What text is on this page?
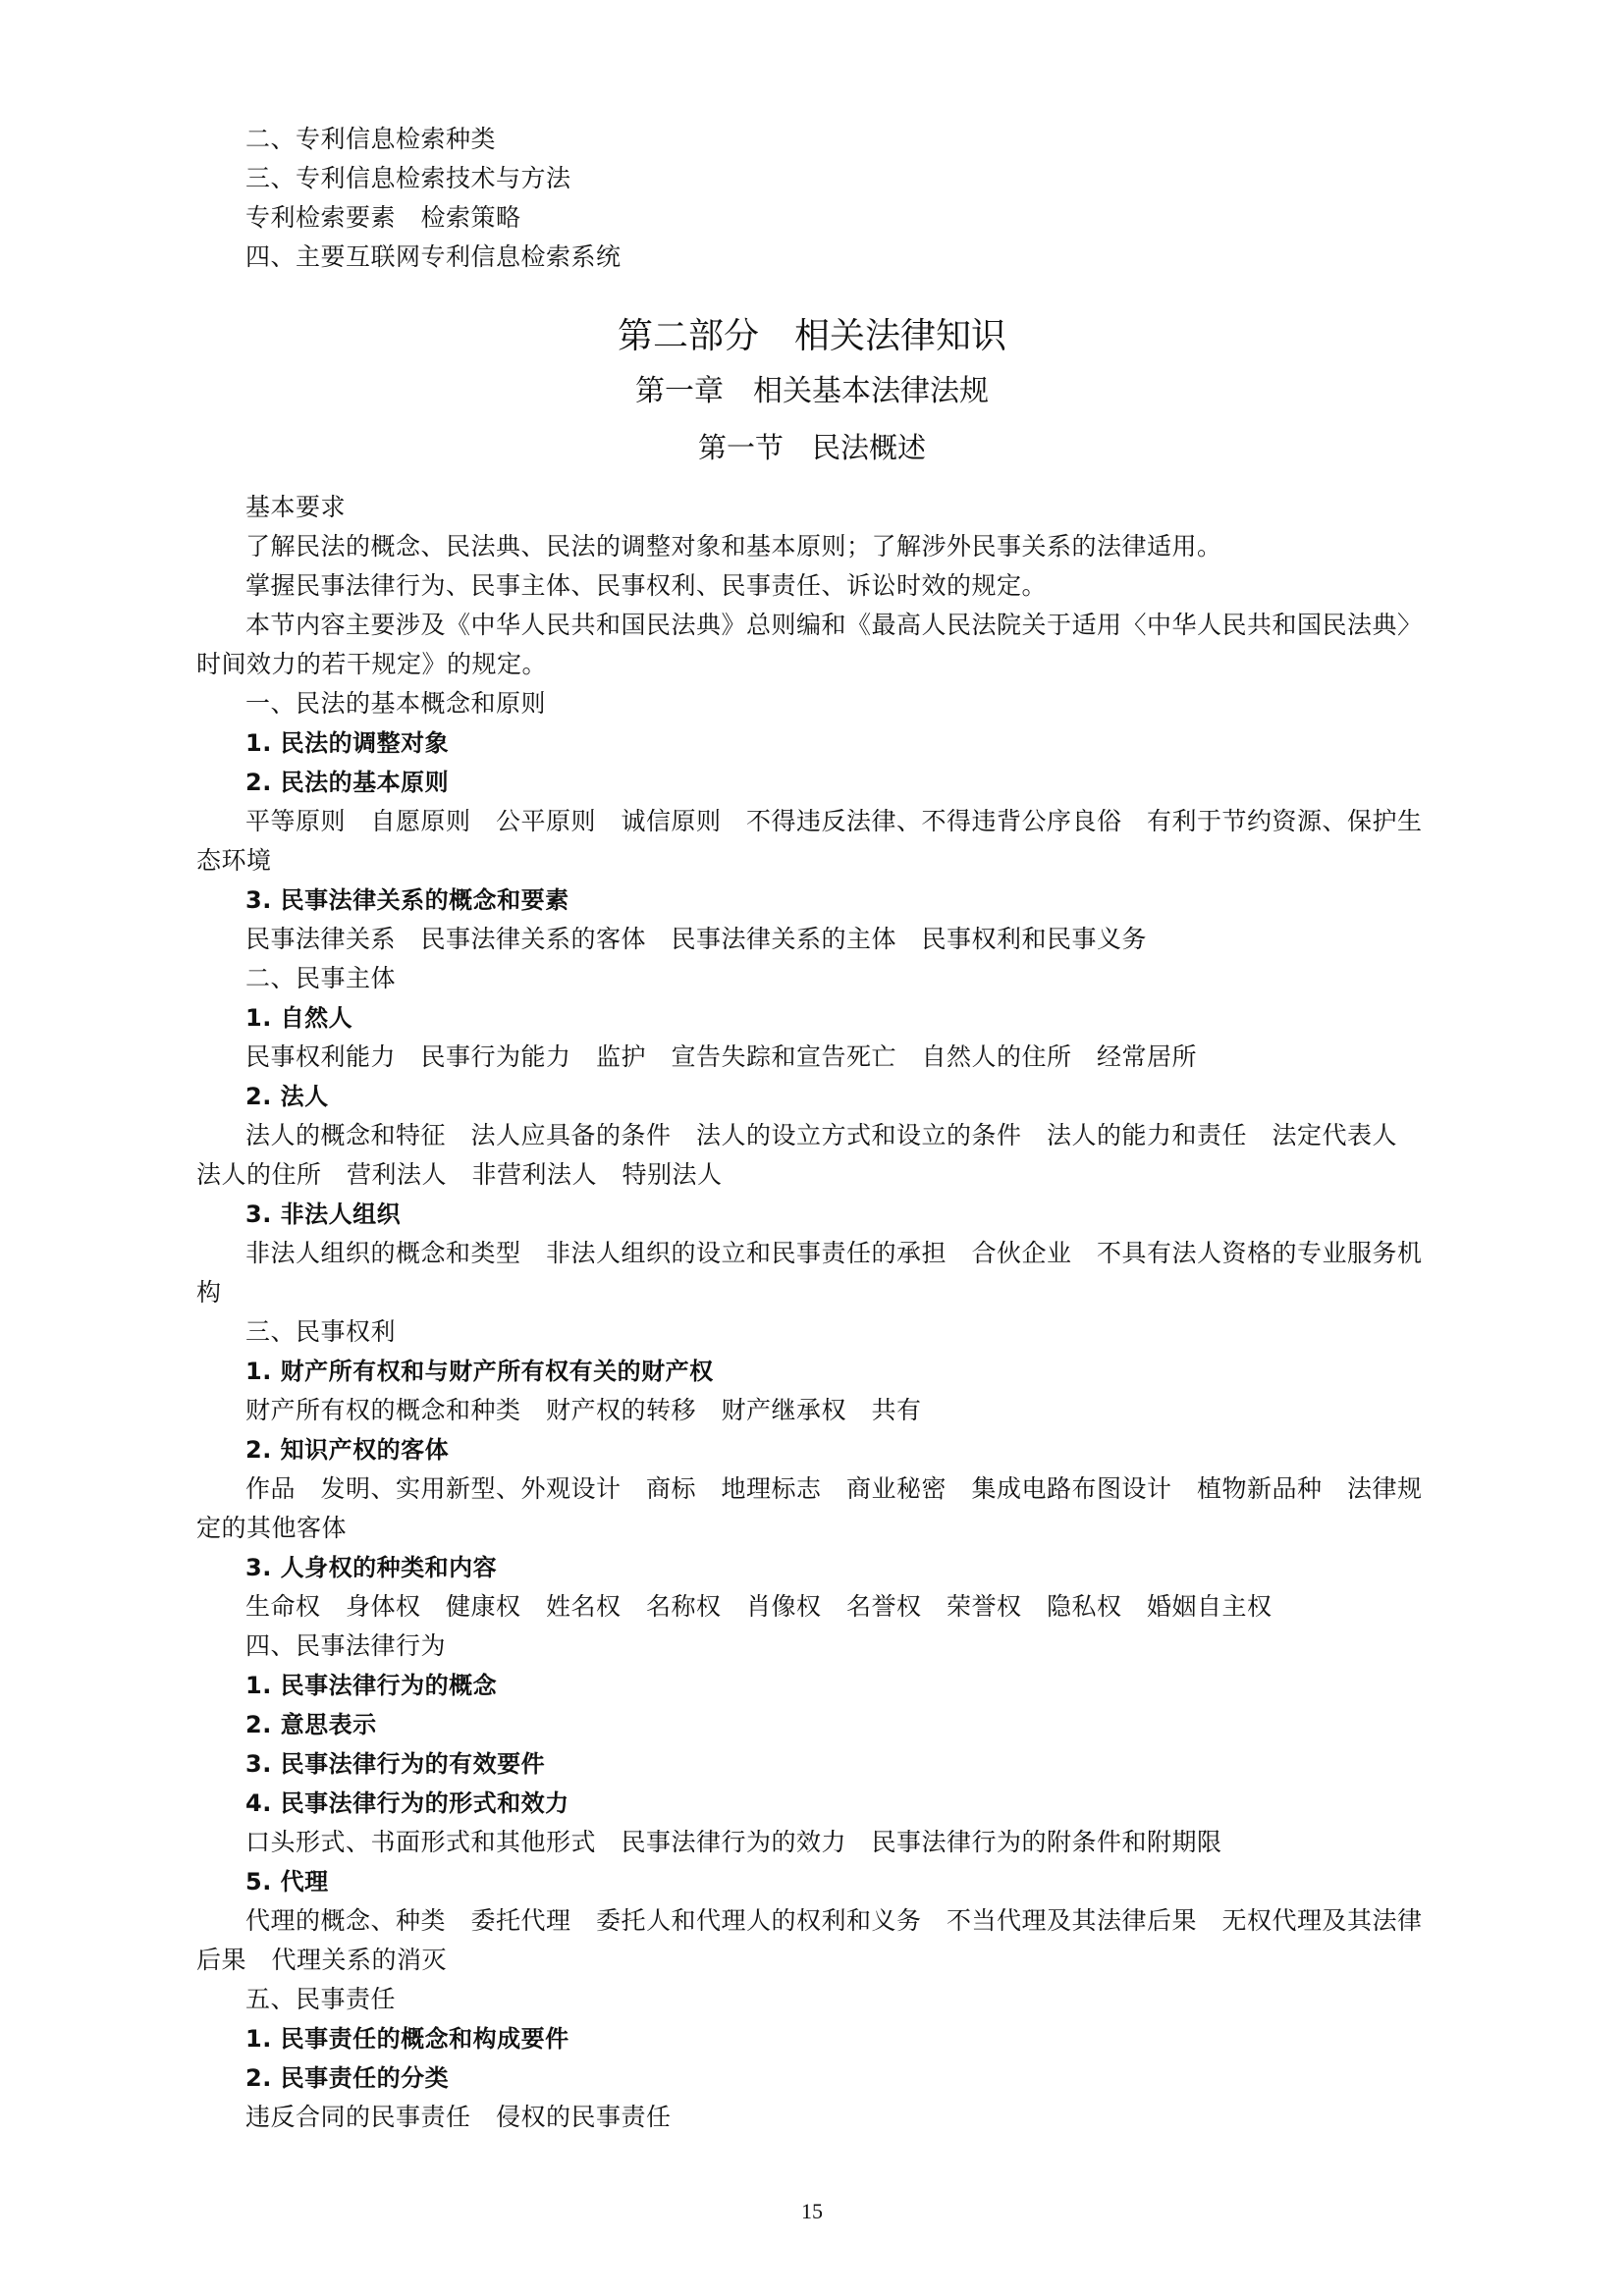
二、专利信息检索种类
三、专利信息检索技术与方法
专利检索要素　检索策略
四、主要互联网专利信息检索系统
第二部分　相关法律知识
第一章　相关基本法律法规
第一节　民法概述
基本要求
了解民法的概念、民法典、民法的调整对象和基本原则；了解涉外民事关系的法律适用。
掌握民事法律行为、民事主体、民事权利、民事责任、诉讼时效的规定。
本节内容主要涉及《中华人民共和国民法典》总则编和《最高人民法院关于适用〈中华人民共和国民法典〉
时间效力的若干规定》的规定。
一、民法的基本概念和原则
1. 民法的调整对象
2. 民法的基本原则
平等原则　自愿原则　公平原则　诚信原则　不得违反法律、不得违背公序良俗　有利于节约资源、保护生
态环境
3. 民事法律关系的概念和要素
民事法律关系　民事法律关系的客体　民事法律关系的主体　民事权利和民事义务
二、民事主体
1. 自然人
民事权利能力　民事行为能力　监护　宣告失踪和宣告死亡　自然人的住所　经常居所
2. 法人
法人的概念和特征　法人应具备的条件　法人的设立方式和设立的条件　法人的能力和责任　法定代表人
法人的住所　营利法人　非营利法人　特别法人
3. 非法人组织
非法人组织的概念和类型　非法人组织的设立和民事责任的承担　合伙企业　不具有法人资格的专业服务机
构
三、民事权利
1. 财产所有权和与财产所有权有关的财产权
财产所有权的概念和种类　财产权的转移　财产继承权　共有
2. 知识产权的客体
作品　发明、实用新型、外观设计　商标　地理标志　商业秘密　集成电路布图设计　植物新品种　法律规
定的其他客体
3. 人身权的种类和内容
生命权　身体权　健康权　姓名权　名称权　肖像权　名誉权　荣誉权　隐私权　婚姻自主权
四、民事法律行为
1. 民事法律行为的概念
2. 意思表示
3. 民事法律行为的有效要件
4. 民事法律行为的形式和效力
口头形式、书面形式和其他形式　民事法律行为的效力　民事法律行为的附条件和附期限
5. 代理
代理的概念、种类　委托代理　委托人和代理人的权利和义务　不当代理及其法律后果　无权代理及其法律
后果　代理关系的消灭
五、民事责任
1. 民事责任的概念和构成要件
2. 民事责任的分类
违反合同的民事责任　侵权的民事责任
15
